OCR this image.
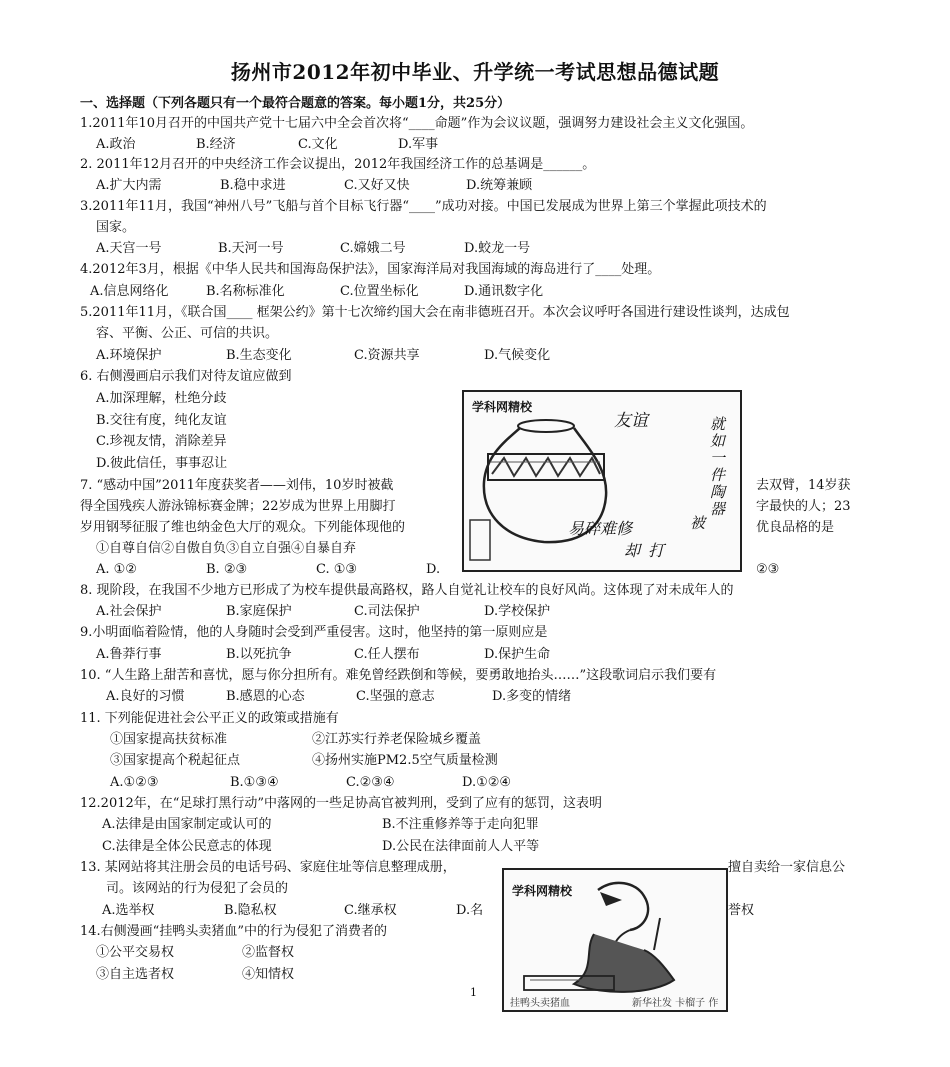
扬州市2012年初中毕业、升学统一考试思想品德试题
一、选择题（下列各题只有一个最符合题意的答案。每小题1分，共25分）
1.2011年10月召开的中国共产党十七届六中全会首次将“____命题”作为会议议题，强调努力建设社会主义文化强国。
A.政治	B.经济	C.文化	D.军事
2. 2011年12月召开的中央经济工作会议提出，2012年我国经济工作的总基调是______。
A.扩大内需	B.稳中求进	C.又好又快	D.统筹兼顾
3.2011年11月，我国“神州八号”飞船与首个目标飞行器“____”成功对接。中国已发展成为世界上第三个掌握此项技术的
国家。
A.天宫一号	B.天河一号	C.嫦娥二号	D.蛟龙一号
4.2012年3月，根据《中华人民共和国海岛保护法》，国家海洋局对我国海域的海岛进行了____处理。
A.信息网络化	B.名称标准化	C.位置坐标化	D.通讯数字化
5.2011年11月，《联合国____ 框架公约》第十七次缔约国大会在南非德班召开。本次会议呼吁各国进行建设性谈判，达成包
容、平衡、公正、可信的共识。
A.环境保护	B.生态变化	C.资源共享	D.气候变化
6. 右侧漫画启示我们对待友谊应做到
A.加深理解，杜绝分歧
B.交往有度，纯化友谊
C.珍视友情，消除差异
D.彼此信任，事事忍让
学科网精校
友谊	就如一件陶器
易碎难修
却 打
被
7. “感动中国”2011年度获奖者——刘伟，10岁时被截	去双臂，14岁获
得全国残疾人游泳锦标赛金牌；22岁成为世界上用脚打	字最快的人；23
岁用钢琴征服了维也纳金色大厅的观众。下列能体现他的	优良品格的是
①自尊自信②自傲自负③自立自强④自暴自弃
A. ①②	B. ②③	C. ①③	D.	②③
8. 现阶段，在我国不少地方已形成了为校车提供最高路权，路人自觉礼让校车的良好风尚。这体现了对未成年人的
A.社会保护	B.家庭保护	C.司法保护	D.学校保护
9.小明面临着险情，他的人身随时会受到严重侵害。这时，他坚持的第一原则应是
A.鲁莽行事	B.以死抗争	C.任人摆布	D.保护生命
10. “人生路上甜苦和喜忧，愿与你分担所有。难免曾经跌倒和等候，要勇敢地抬头……”这段歌词启示我们要有
A.良好的习惯	B.感恩的心态	C.坚强的意志	D.多变的情绪
11. 下列能促进社会公平正义的政策或措施有
①国家提高扶贫标准	②江苏实行养老保险城乡覆盖
③国家提高个税起征点	④扬州实施PM2.5空气质量检测
A.①②③	B.①③④	C.②③④	D.①②④
12.2012年，在“足球打黑行动”中落网的一些足协高官被判刑，受到了应有的惩罚，这表明
A.法律是由国家制定或认可的	B.不注重修养等于走向犯罪
C.法律是全体公民意志的体现	D.公民在法律面前人人平等
13. 某网站将其注册会员的电话号码、家庭住址等信息整理成册，	擅自卖给一家信息公
司。该网站的行为侵犯了会员的
A.选举权	B.隐私权	C.继承权	D.名	誉权
14.右侧漫画“挂鸭头卖猪血”中的行为侵犯了消费者的
①公平交易权	②监督权
③自主选者权	④知情权
学科网精校
挂鸭头卖猪血	新华社发 卡榴子 作
1
